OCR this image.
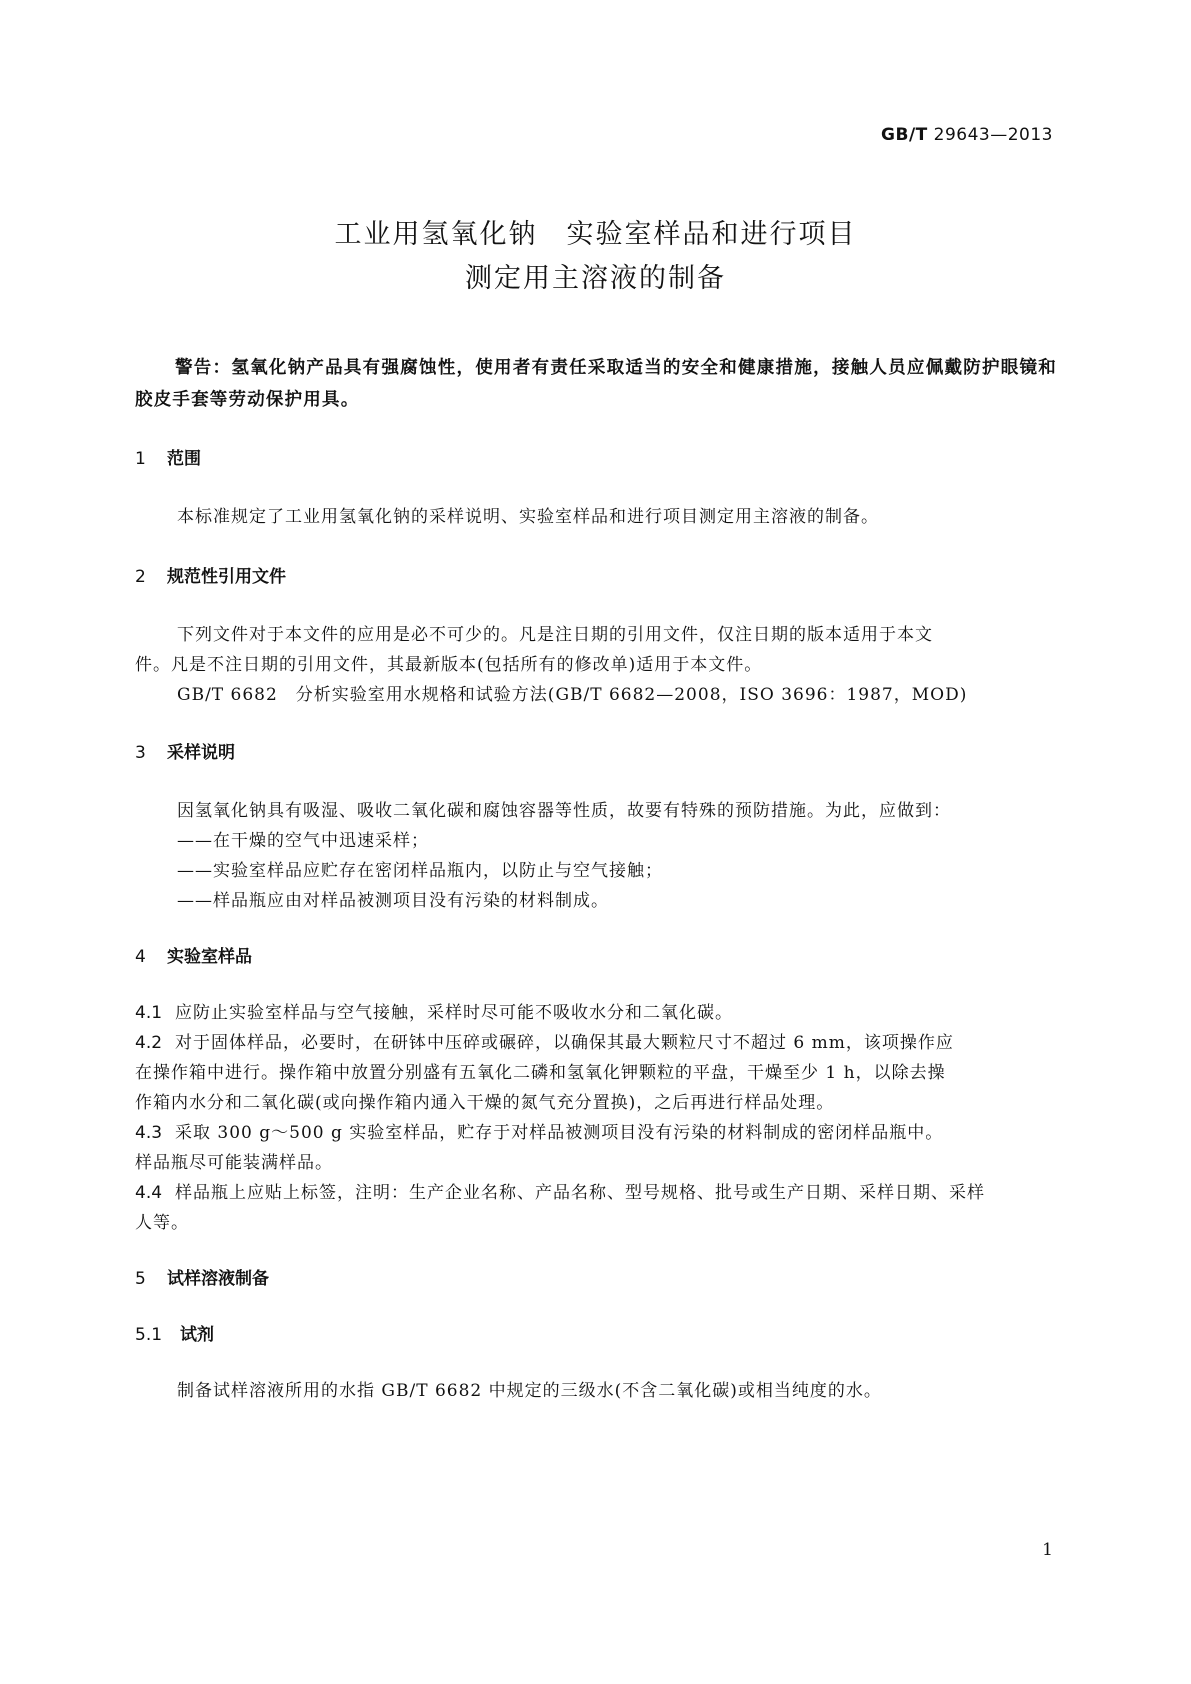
GB/T 29643—2013
工业用氢氧化钠　实验室样品和进行项目
测定用主溶液的制备
警告：氢氧化钠产品具有强腐蚀性，使用者有责任采取适当的安全和健康措施，接触人员应佩戴防护眼镜和胶皮手套等劳动保护用具。
1 范围
本标准规定了工业用氢氧化钠的采样说明、实验室样品和进行项目测定用主溶液的制备。
2 规范性引用文件
下列文件对于本文件的应用是必不可少的。凡是注日期的引用文件，仅注日期的版本适用于本文
件。凡是不注日期的引用文件，其最新版本(包括所有的修改单)适用于本文件。
GB/T 6682　分析实验室用水规格和试验方法(GB/T 6682—2008，ISO 3696：1987，MOD)
3 采样说明
因氢氧化钠具有吸湿、吸收二氧化碳和腐蚀容器等性质，故要有特殊的预防措施。为此，应做到：
——在干燥的空气中迅速采样；
——实验室样品应贮存在密闭样品瓶内，以防止与空气接触；
——样品瓶应由对样品被测项目没有污染的材料制成。
4 实验室样品
4.1 应防止实验室样品与空气接触，采样时尽可能不吸收水分和二氧化碳。
4.2 对于固体样品，必要时，在研钵中压碎或碾碎，以确保其最大颗粒尺寸不超过 6 mm，该项操作应
在操作箱中进行。操作箱中放置分别盛有五氧化二磷和氢氧化钾颗粒的平盘，干燥至少 1 h，以除去操
作箱内水分和二氧化碳(或向操作箱内通入干燥的氮气充分置换)，之后再进行样品处理。
4.3 采取 300 g～500 g 实验室样品，贮存于对样品被测项目没有污染的材料制成的密闭样品瓶中。
样品瓶尽可能装满样品。
4.4 样品瓶上应贴上标签，注明：生产企业名称、产品名称、型号规格、批号或生产日期、采样日期、采样
人等。
5 试样溶液制备
5.1 试剂
制备试样溶液所用的水指 GB/T 6682 中规定的三级水(不含二氧化碳)或相当纯度的水。
1
